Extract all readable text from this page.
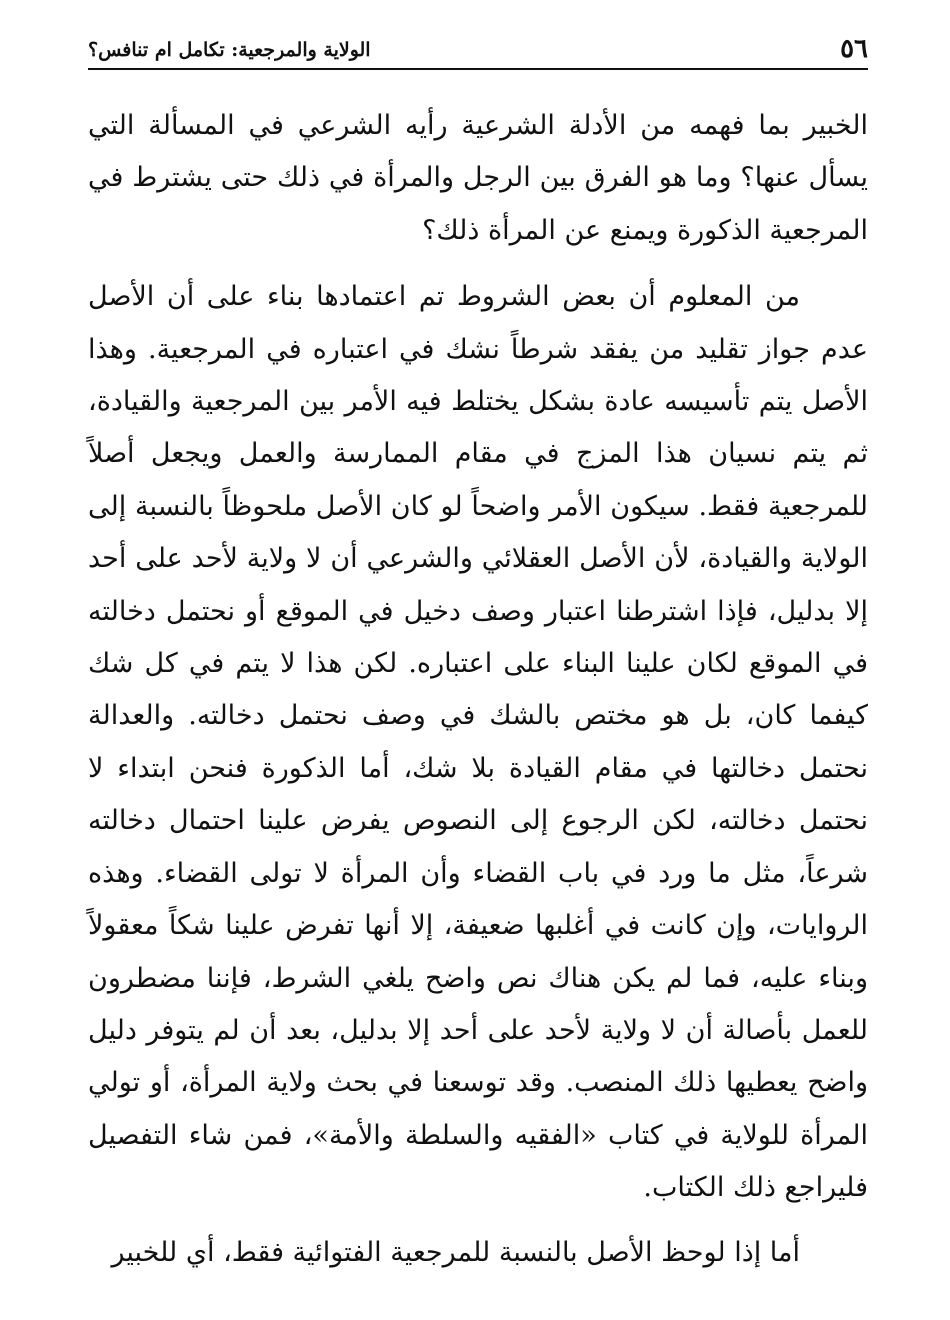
٥٦
الولاية والمرجعية: تكامل ام تنافس؟

الخبير بما فهمه من الأدلة الشرعية رأيه الشرعي في المسألة التي يسأل عنها؟ وما هو الفرق بين الرجل والمرأة في ذلك حتى يشترط في المرجعية الذكورة ويمنع عن المرأة ذلك؟

من المعلوم أن بعض الشروط تم اعتمادها بناء على أن الأصل عدم جواز تقليد من يفقد شرطاً نشك في اعتباره في المرجعية. وهذا الأصل يتم تأسيسه عادة بشكل يختلط فيه الأمر بين المرجعية والقيادة، ثم يتم نسيان هذا المزج في مقام الممارسة والعمل ويجعل أصلاً للمرجعية فقط. سيكون الأمر واضحاً لو كان الأصل ملحوظاً بالنسبة إلى الولاية والقيادة، لأن الأصل العقلائي والشرعي أن لا ولاية لأحد على أحد إلا بدليل، فإذا اشترطنا اعتبار وصف دخيل في الموقع أو نحتمل دخالته في الموقع لكان علينا البناء على اعتباره. لكن هذا لا يتم في كل شك كيفما كان، بل هو مختص بالشك في وصف نحتمل دخالته. والعدالة نحتمل دخالتها في مقام القيادة بلا شك، أما الذكورة فنحن ابتداء لا نحتمل دخالته، لكن الرجوع إلى النصوص يفرض علينا احتمال دخالته شرعاً، مثل ما ورد في باب القضاء وأن المرأة لا تولى القضاء. وهذه الروايات، وإن كانت في أغلبها ضعيفة، إلا أنها تفرض علينا شكاً معقولاً وبناء عليه، فما لم يكن هناك نص واضح يلغي الشرط، فإننا مضطرون للعمل بأصالة أن لا ولاية لأحد على أحد إلا بدليل، بعد أن لم يتوفر دليل واضح يعطيها ذلك المنصب. وقد توسعنا في بحث ولاية المرأة، أو تولي المرأة للولاية في كتاب «الفقيه والسلطة والأمة»، فمن شاء التفصيل فليراجع ذلك الكتاب.

أما إذا لوحظ الأصل بالنسبة للمرجعية الفتوائية فقط، أي للخبير
